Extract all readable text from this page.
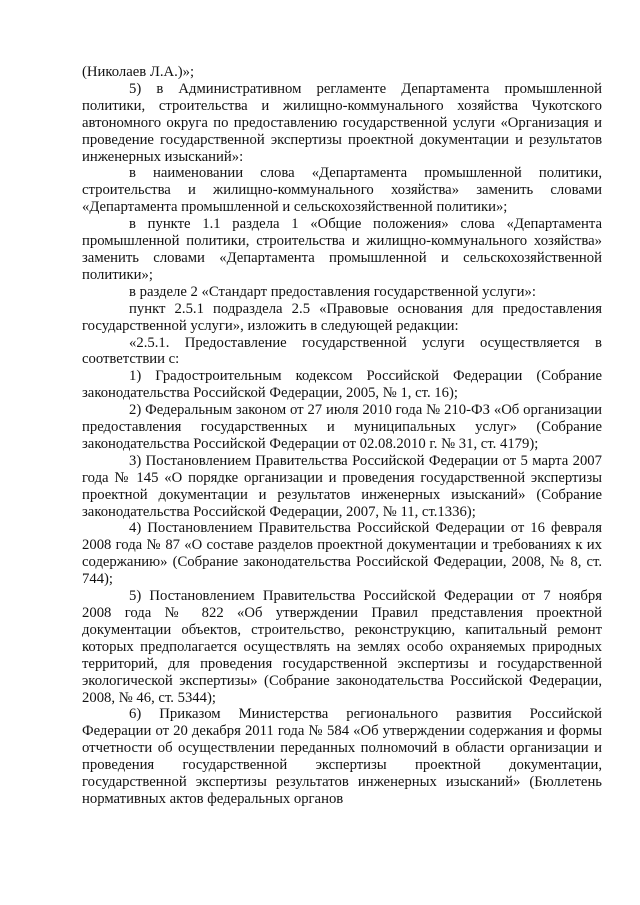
(Николаев Л.А.)»;

5) в Административном регламенте Департамента промышленной политики, строительства и жилищно-коммунального хозяйства Чукотского автономного округа по предоставлению государственной услуги «Организация и проведение государственной экспертизы проектной документации и результатов инженерных изысканий»:

в наименовании слова «Департамента промышленной политики, строительства и жилищно-коммунального хозяйства» заменить словами «Департамента промышленной и сельскохозяйственной политики»;

в пункте 1.1 раздела 1 «Общие положения» слова «Департамента промышленной политики, строительства и жилищно-коммунального хозяйства» заменить словами «Департамента промышленной и сельскохозяйственной политики»;

в разделе 2 «Стандарт предоставления государственной услуги»:

пункт 2.5.1 подраздела 2.5 «Правовые основания для предоставления государственной услуги», изложить в следующей редакции:

«2.5.1. Предоставление государственной услуги осуществляется в соответствии с:

1) Градостроительным кодексом Российской Федерации (Собрание законодательства Российской Федерации, 2005, № 1, ст. 16);

2) Федеральным законом от 27 июля 2010 года № 210-ФЗ «Об организации предоставления государственных и муниципальных услуг» (Собрание законодательства Российской Федерации от 02.08.2010 г. № 31, ст. 4179);

3) Постановлением Правительства Российской Федерации от 5 марта 2007 года № 145 «О порядке организации и проведения государственной экспертизы проектной документации и результатов инженерных изысканий» (Собрание законодательства Российской Федерации, 2007, № 11, ст.1336);

4) Постановлением Правительства Российской Федерации от 16 февраля 2008 года № 87 «О составе разделов проектной документации и требованиях к их содержанию» (Собрание законодательства Российской Федерации, 2008, № 8, ст. 744);

5) Постановлением Правительства Российской Федерации от 7 ноября 2008 года № 822 «Об утверждении Правил представления проектной документации объектов, строительство, реконструкцию, капитальный ремонт которых предполагается осуществлять на землях особо охраняемых природных территорий, для проведения государственной экспертизы и государственной экологической экспертизы» (Собрание законодательства Российской Федерации, 2008, № 46, ст. 5344);

6) Приказом Министерства регионального развития Российской Федерации от 20 декабря 2011 года № 584 «Об утверждении содержания и формы отчетности об осуществлении переданных полномочий в области организации и проведения государственной экспертизы проектной документации, государственной экспертизы результатов инженерных изысканий» (Бюллетень нормативных актов федеральных органов
